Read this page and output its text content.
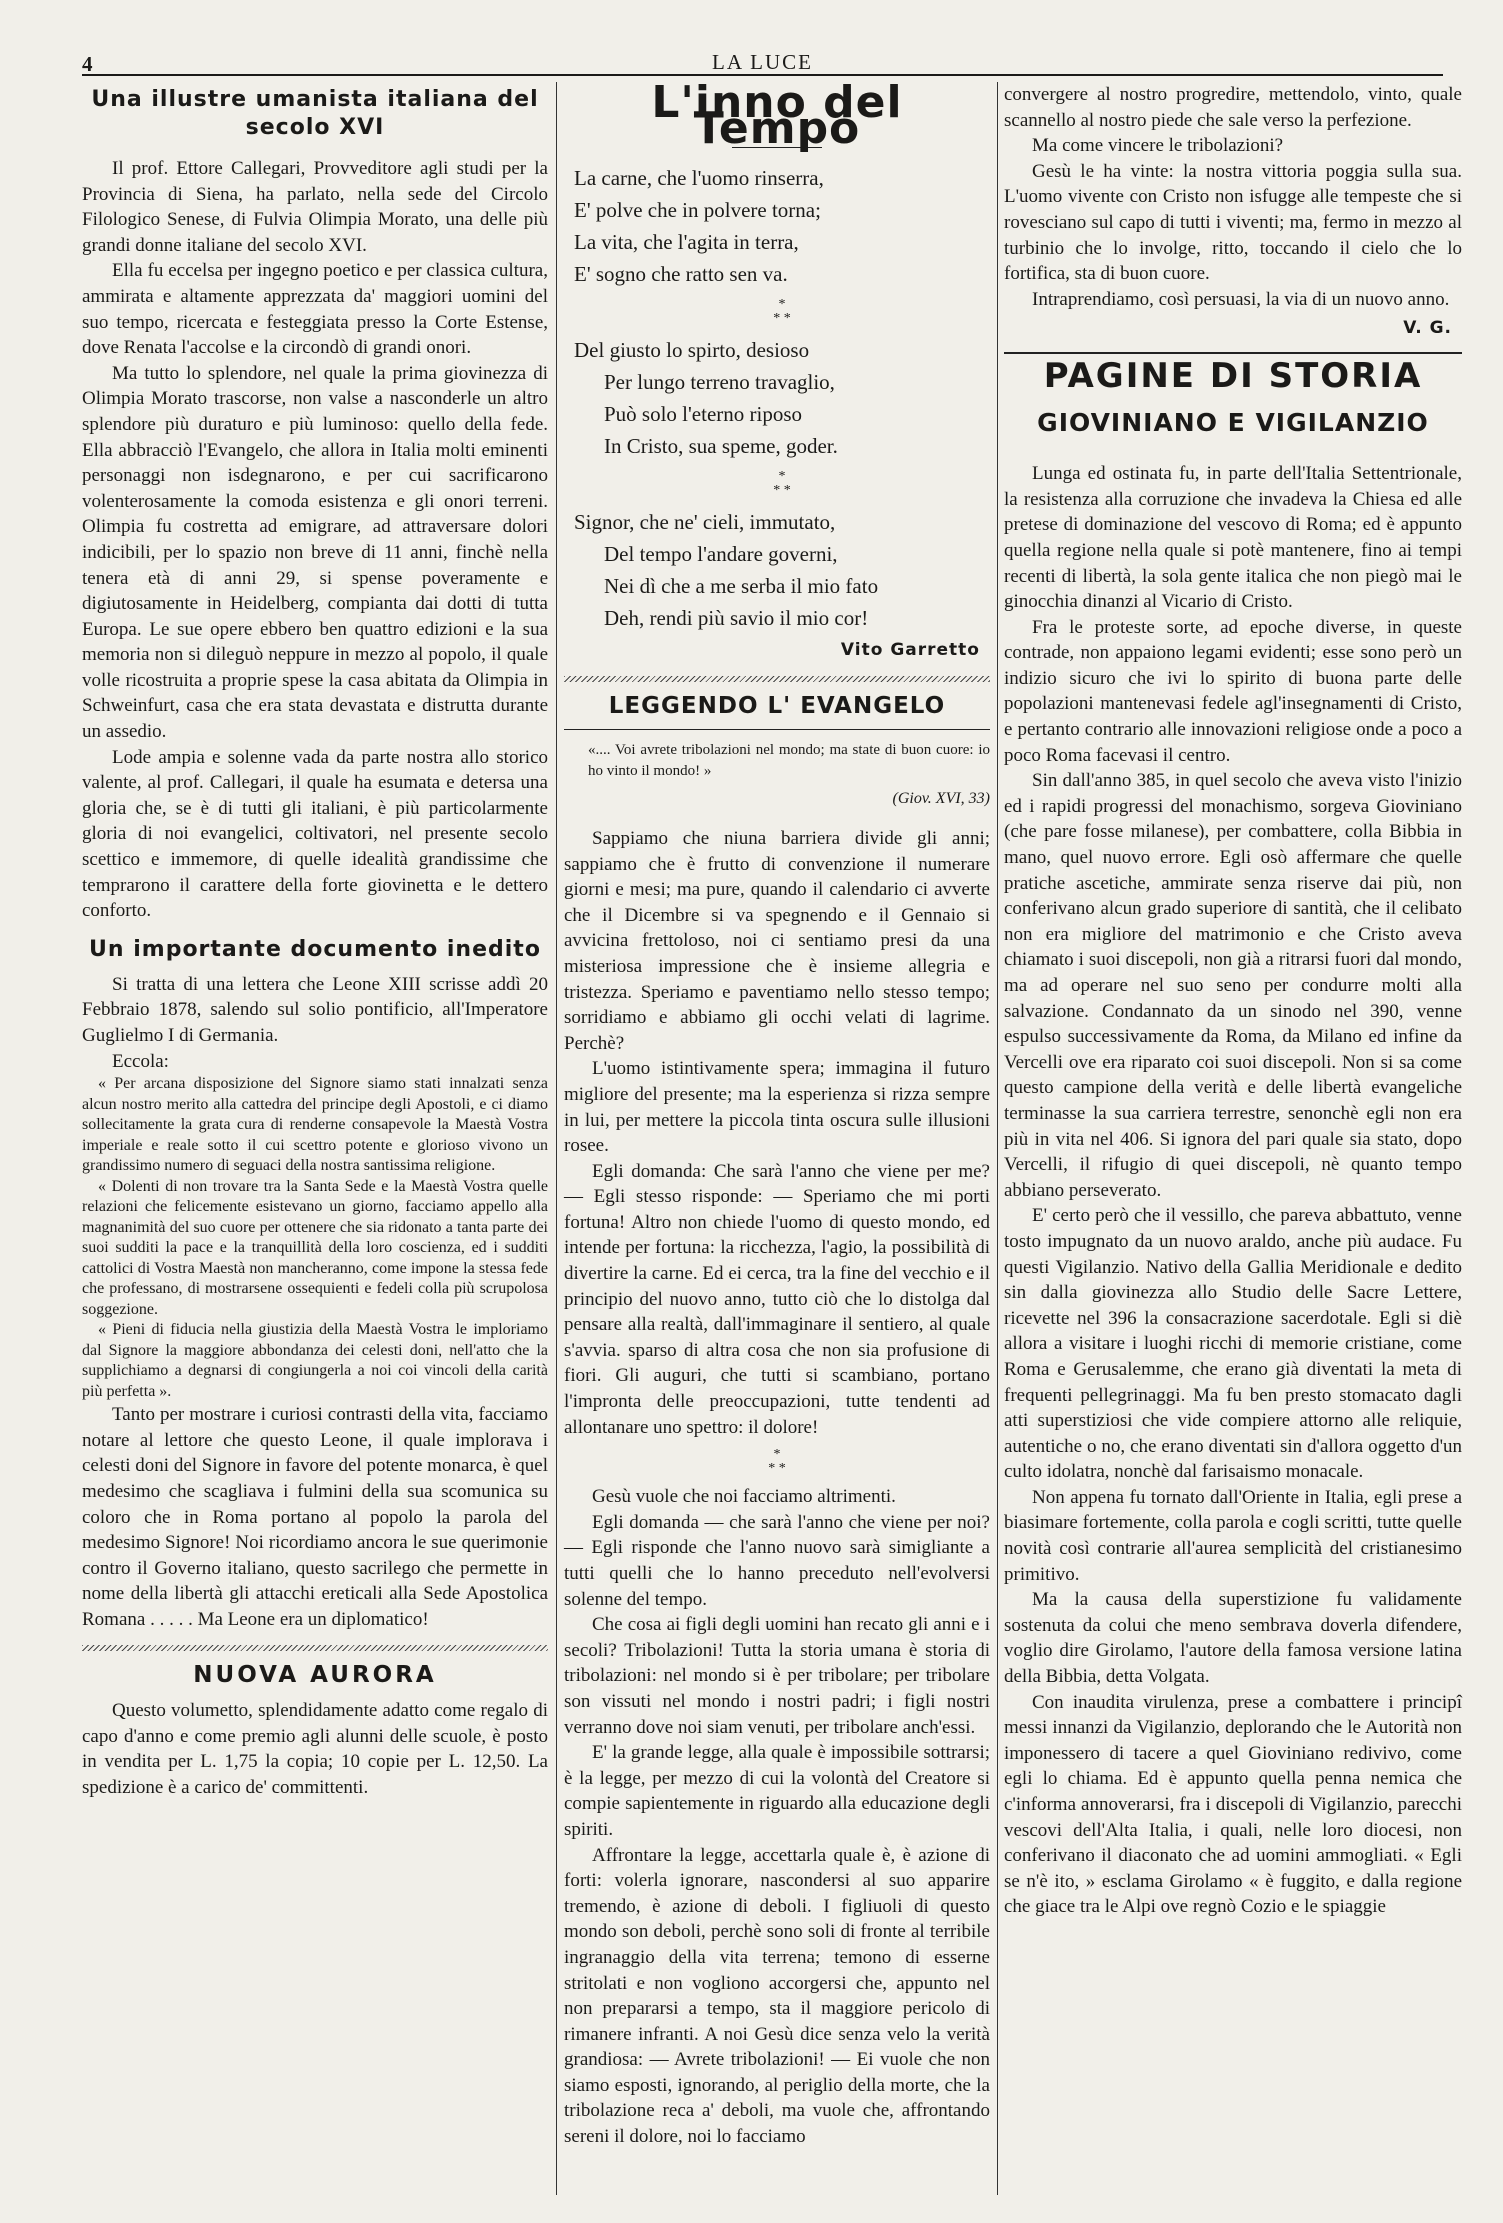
4	LA LUCE
Una illustre umanista italiana del secolo XVI

Il prof. Ettore Callegari, Provveditore agli studi per la Provincia di Siena, ha parlato, nella sede del Circolo Filologico Senese, di Fulvia Olimpia Morato, una delle più grandi donne italiane del secolo XVI.

Ella fu eccelsa per ingegno poetico e per classica cultura, ammirata e altamente apprezzata da' maggiori uomini del suo tempo, ricercata e festeggiata presso la Corte Estense, dove Renata l'accolse e la circondò di grandi onori.

Ma tutto lo splendore, nel quale la prima giovinezza di Olimpia Morato trascorse, non valse a nasconderle un altro splendore più duraturo e più luminoso: quello della fede. Ella abbracciò l'Evangelo, che allora in Italia molti eminenti personaggi non isdegnarono, e per cui sacrificarono volenterosamente la comoda esistenza e gli onori terreni. Olimpia fu costretta ad emigrare, ad attraversare dolori indicibili, per lo spazio non breve di 11 anni, finchè nella tenera età di anni 29, si spense poveramente e digiutosamente in Heidelberg, compianta dai dotti di tutta Europa. Le sue opere ebbero ben quattro edizioni e la sua memoria non si dileguò neppure in mezzo al popolo, il quale volle ricostruita a proprie spese la casa abitata da Olimpia in Schweinfurt, casa che era stata devastata e distrutta durante un assedio.

Lode ampia e solenne vada da parte nostra allo storico valente, al prof. Callegari, il quale ha esumata e detersa una gloria che, se è di tutti gli italiani, è più particolarmente gloria di noi evangelici, coltivatori, nel presente secolo scettico e immemore, di quelle idealità grandissime che temprarono il carattere della forte giovinetta e le dettero conforto.

Un importante documento inedito

Si tratta di una lettera che Leone XIII scrisse addì 20 Febbraio 1878, salendo sul solio pontificio, all'Imperatore Guglielmo I di Germania.

Eccola:

« Per arcana disposizione del Signore siamo stati innalzati senza alcun nostro merito alla cattedra del principe degli Apostoli, e ci diamo sollecitamente la grata cura di renderne consapevole la Maestà Vostra imperiale e reale sotto il cui scettro potente e glorioso vivono un grandissimo numero di seguaci della nostra santissima religione.

« Dolenti di non trovare tra la Santa Sede e la Maestà Vostra quelle relazioni che felicemente esistevano un giorno, facciamo appello alla magnanimità del suo cuore per ottenere che sia ridonato a tanta parte dei suoi sudditi la pace e la tranquillità della loro coscienza, ed i sudditi cattolici di Vostra Maestà non mancheranno, come impone la stessa fede che professano, di mostrarsene ossequienti e fedeli colla più scrupolosa soggezione.

« Pieni di fiducia nella giustizia della Maestà Vostra le imploriamo dal Signore la maggiore abbondanza dei celesti doni, nell'atto che la supplichiamo a degnarsi di congiungerla a noi coi vincoli della carità più perfetta ».

Tanto per mostrare i curiosi contrasti della vita, facciamo notare al lettore che questo Leone, il quale implorava i celesti doni del Signore in favore del potente monarca, è quel medesimo che scagliava i fulmini della sua scomunica su coloro che in Roma portano al popolo la parola del medesimo Signore! Noi ricordiamo ancora le sue querimonie contro il Governo italiano, questo sacrilego che permette in nome della libertà gli attacchi ereticali alla Sede Apostolica Romana . . . . . Ma Leone era un diplomatico!

NUOVA AURORA

Questo volumetto, splendidamente adatto come regalo di capo d'anno e come premio agli alunni delle scuole, è posto in vendita per L. 1,75 la copia; 10 copie per L. 12,50. La spedizione è a carico de' committenti.

L'inno del Tempo
La carne, che l'uomo rinserra,
E' polve che in polvere torna;
La vita, che l'agita in terra,
E' sogno che ratto sen va.
*
* *
Del giusto lo spirto, desioso
Per lungo terreno travaglio,
Può solo l'eterno riposo
In Cristo, sua speme, goder.
*
* *
Signor, che ne' cieli, immutato,
Del tempo l'andare governi,
Nei dì che a me serba il mio fato
Deh, rendi più savio il mio cor!
Vito Garretto
LEGGENDO L' EVANGELO
«.... Voi avrete tribolazioni nel mondo; ma state di buon cuore: io ho vinto il mondo! »
(Giov. XVI, 33)

Sappiamo che niuna barriera divide gli anni; sappiamo che è frutto di convenzione il numerare giorni e mesi; ma pure, quando il calendario ci avverte che il Dicembre si va spegnendo e il Gennaio si avvicina frettoloso, noi ci sentiamo presi da una misteriosa impressione che è insieme allegria e tristezza. Speriamo e paventiamo nello stesso tempo; sorridiamo e abbiamo gli occhi velati di lagrime. Perchè?

L'uomo istintivamente spera; immagina il futuro migliore del presente; ma la esperienza si rizza sempre in lui, per mettere la piccola tinta oscura sulle illusioni rosee.

Egli domanda: Che sarà l'anno che viene per me? — Egli stesso risponde: — Speriamo che mi porti fortuna! Altro non chiede l'uomo di questo mondo, ed intende per fortuna: la ricchezza, l'agio, la possibilità di divertire la carne. Ed ei cerca, tra la fine del vecchio e il principio del nuovo anno, tutto ciò che lo distolga dal pensare alla realtà, dall'immaginare il sentiero, al quale s'avvia. sparso di altra cosa che non sia profusione di fiori. Gli auguri, che tutti si scambiano, portano l'impronta delle preoccupazioni, tutte tendenti ad allontanare uno spettro: il dolore!

*
* *

Gesù vuole che noi facciamo altrimenti.

Egli domanda — che sarà l'anno che viene per noi? — Egli risponde che l'anno nuovo sarà simigliante a tutti quelli che lo hanno preceduto nell'evolversi solenne del tempo.

Che cosa ai figli degli uomini han recato gli anni e i secoli? Tribolazioni! Tutta la storia umana è storia di tribolazioni: nel mondo si è per tribolare; per tribolare son vissuti nel mondo i nostri padri; i figli nostri verranno dove noi siam venuti, per tribolare anch'essi.

E' la grande legge, alla quale è impossibile sottrarsi; è la legge, per mezzo di cui la volontà del Creatore si compie sapientemente in riguardo alla educazione degli spiriti.

Affrontare la legge, accettarla quale è, è azione di forti: volerla ignorare, nascondersi al suo apparire tremendo, è azione di deboli. I figliuoli di questo mondo son deboli, perchè sono soli di fronte al terribile ingranaggio della vita terrena; temono di esserne stritolati e non vogliono accorgersi che, appunto nel non prepararsi a tempo, sta il maggiore pericolo di rimanere infranti. A noi Gesù dice senza velo la verità grandiosa: — Avrete tribolazioni! — Ei vuole che non siamo esposti, ignorando, al periglio della morte, che la tribolazione reca a' deboli, ma vuole che, affrontando sereni il dolore, noi lo facciamo

convergere al nostro progredire, mettendolo, vinto, quale scannello al nostro piede che sale verso la perfezione.

Ma come vincere le tribolazioni?

Gesù le ha vinte: la nostra vittoria poggia sulla sua. L'uomo vivente con Cristo non isfugge alle tempeste che si rovesciano sul capo di tutti i viventi; ma, fermo in mezzo al turbinio che lo involge, ritto, toccando il cielo che lo fortifica, sta di buon cuore.

Intraprendiamo, così persuasi, la via di un nuovo anno.

V. G.
PAGINE DI STORIA
GIOVINIANO E VIGILANZIO

Lunga ed ostinata fu, in parte dell'Italia Settentrionale, la resistenza alla corruzione che invadeva la Chiesa ed alle pretese di dominazione del vescovo di Roma; ed è appunto quella regione nella quale si potè mantenere, fino ai tempi recenti di libertà, la sola gente italica che non piegò mai le ginocchia dinanzi al Vicario di Cristo.

Fra le proteste sorte, ad epoche diverse, in queste contrade, non appaiono legami evidenti; esse sono però un indizio sicuro che ivi lo spirito di buona parte delle popolazioni mantenevasi fedele agl'insegnamenti di Cristo, e pertanto contrario alle innovazioni religiose onde a poco a poco Roma facevasi il centro.

Sin dall'anno 385, in quel secolo che aveva visto l'inizio ed i rapidi progressi del monachismo, sorgeva Gioviniano (che pare fosse milanese), per combattere, colla Bibbia in mano, quel nuovo errore. Egli osò affermare che quelle pratiche ascetiche, ammirate senza riserve dai più, non conferivano alcun grado superiore di santità, che il celibato non era migliore del matrimonio e che Cristo aveva chiamato i suoi discepoli, non già a ritrarsi fuori dal mondo, ma ad operare nel suo seno per condurre molti alla salvazione. Condannato da un sinodo nel 390, venne espulso successivamente da Roma, da Milano ed infine da Vercelli ove era riparato coi suoi discepoli. Non si sa come questo campione della verità e delle libertà evangeliche terminasse la sua carriera terrestre, senonchè egli non era più in vita nel 406. Si ignora del pari quale sia stato, dopo Vercelli, il rifugio di quei discepoli, nè quanto tempo abbiano perseverato.

E' certo però che il vessillo, che pareva abbattuto, venne tosto impugnato da un nuovo araldo, anche più audace. Fu questi Vigilanzio. Nativo della Gallia Meridionale e dedito sin dalla giovinezza allo Studio delle Sacre Lettere, ricevette nel 396 la consacrazione sacerdotale. Egli si diè allora a visitare i luoghi ricchi di memorie cristiane, come Roma e Gerusalemme, che erano già diventati la meta di frequenti pellegrinaggi. Ma fu ben presto stomacato dagli atti superstiziosi che vide compiere attorno alle reliquie, autentiche o no, che erano diventati sin d'allora oggetto d'un culto idolatra, nonchè dal farisaismo monacale.

Non appena fu tornato dall'Oriente in Italia, egli prese a biasimare fortemente, colla parola e cogli scritti, tutte quelle novità così contrarie all'aurea semplicità del cristianesimo primitivo.

Ma la causa della superstizione fu validamente sostenuta da colui che meno sembrava doverla difendere, voglio dire Girolamo, l'autore della famosa versione latina della Bibbia, detta Volgata.

Con inaudita virulenza, prese a combattere i principî messi innanzi da Vigilanzio, deplorando che le Autorità non imponessero di tacere a quel Gioviniano redivivo, come egli lo chiama. Ed è appunto quella penna nemica che c'informa annoverarsi, fra i discepoli di Vigilanzio, parecchi vescovi dell'Alta Italia, i quali, nelle loro diocesi, non conferivano il diaconato che ad uomini ammogliati. « Egli se n'è ito, » esclama Girolamo « è fuggito, e dalla regione che giace tra le Alpi ove regnò Cozio e le spiaggie
